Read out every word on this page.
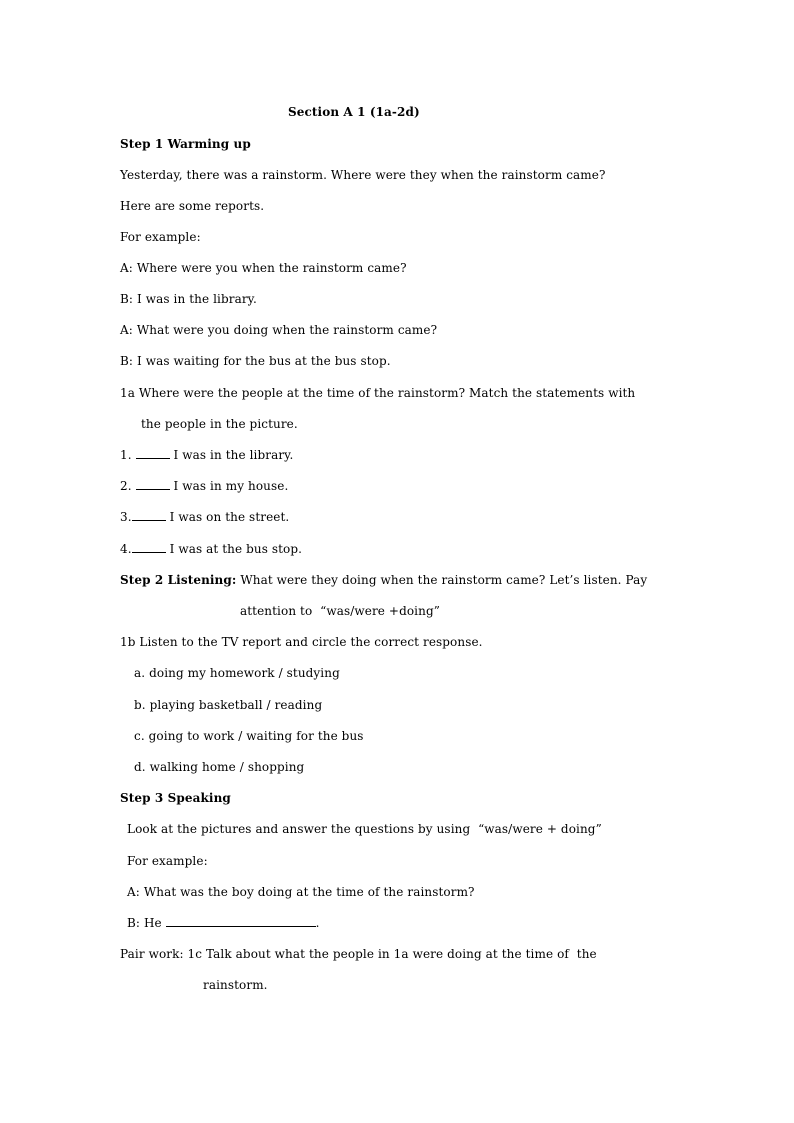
Section A 1 (1a-2d)
Step 1 Warming up
Yesterday, there was a rainstorm. Where were they when the rainstorm came?
Here are some reports.
For example:
A: Where were you when the rainstorm came?
B: I was in the library.
A: What were you doing when the rainstorm came?
B: I was waiting for the bus at the bus stop.
1a Where were the people at the time of the rainstorm? Match the statements with
the people in the picture.
1.	I was in the library.
2.	I was in my house.
3.	I was on the street.
4.	I was at the bus stop.
Step 2 Listening: What were they doing when the rainstorm came? Let’s listen. Pay
attention to  “was/were +doing”
1b Listen to the TV report and circle the correct response.
a. doing my homework / studying
b. playing basketball / reading
c. going to work / waiting for the bus
d. walking home / shopping
Step 3 Speaking
Look at the pictures and answer the questions by using  “was/were + doing”
For example:
A: What was the boy doing at the time of the rainstorm?
B: He	.
Pair work: 1c Talk about what the people in 1a were doing at the time of  the
rainstorm.
